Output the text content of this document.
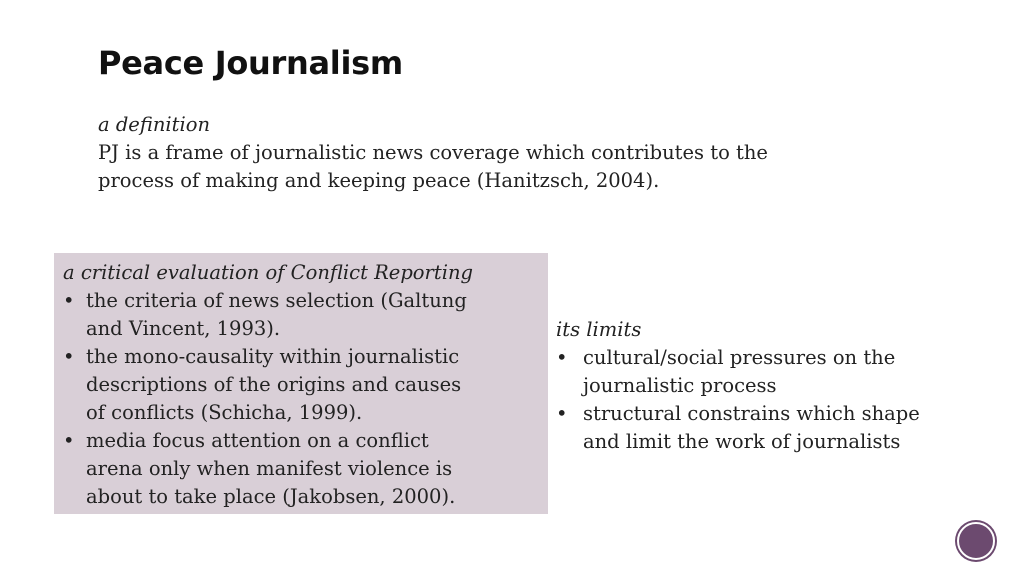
Peace Journalism
a definition
PJ is a frame of journalistic news coverage which contributes to the
process of making and keeping peace (Hanitzsch, 2004).
a critical evaluation of Conflict Reporting
• the criteria of news selection (Galtung
and Vincent, 1993).
• the mono-causality within journalistic
descriptions of the origins and causes
of conflicts (Schicha, 1999).
• media focus attention on a conflict
arena only when manifest violence is
about to take place (Jakobsen, 2000).
its limits
• cultural/social pressures on the
journalistic process
• structural constrains which shape
and limit the work of journalists
